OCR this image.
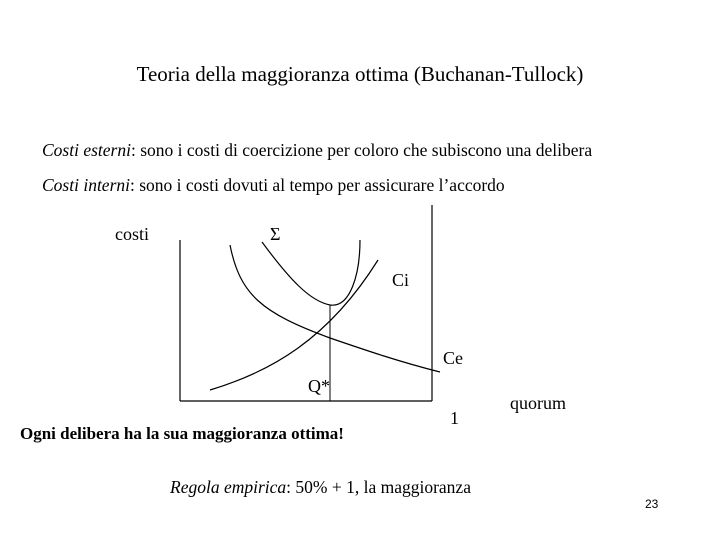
Teoria della maggioranza ottima (Buchanan-Tullock)
Costi esterni: sono i costi di coercizione per coloro che subiscono una delibera
Costi interni: sono i costi dovuti al tempo per assicurare l’accordo
costi	Σ
Ci
Ce
Q*
1
quorum
Ogni delibera ha la sua maggioranza ottima!
Regola empirica: 50% + 1, la maggioranza
23
